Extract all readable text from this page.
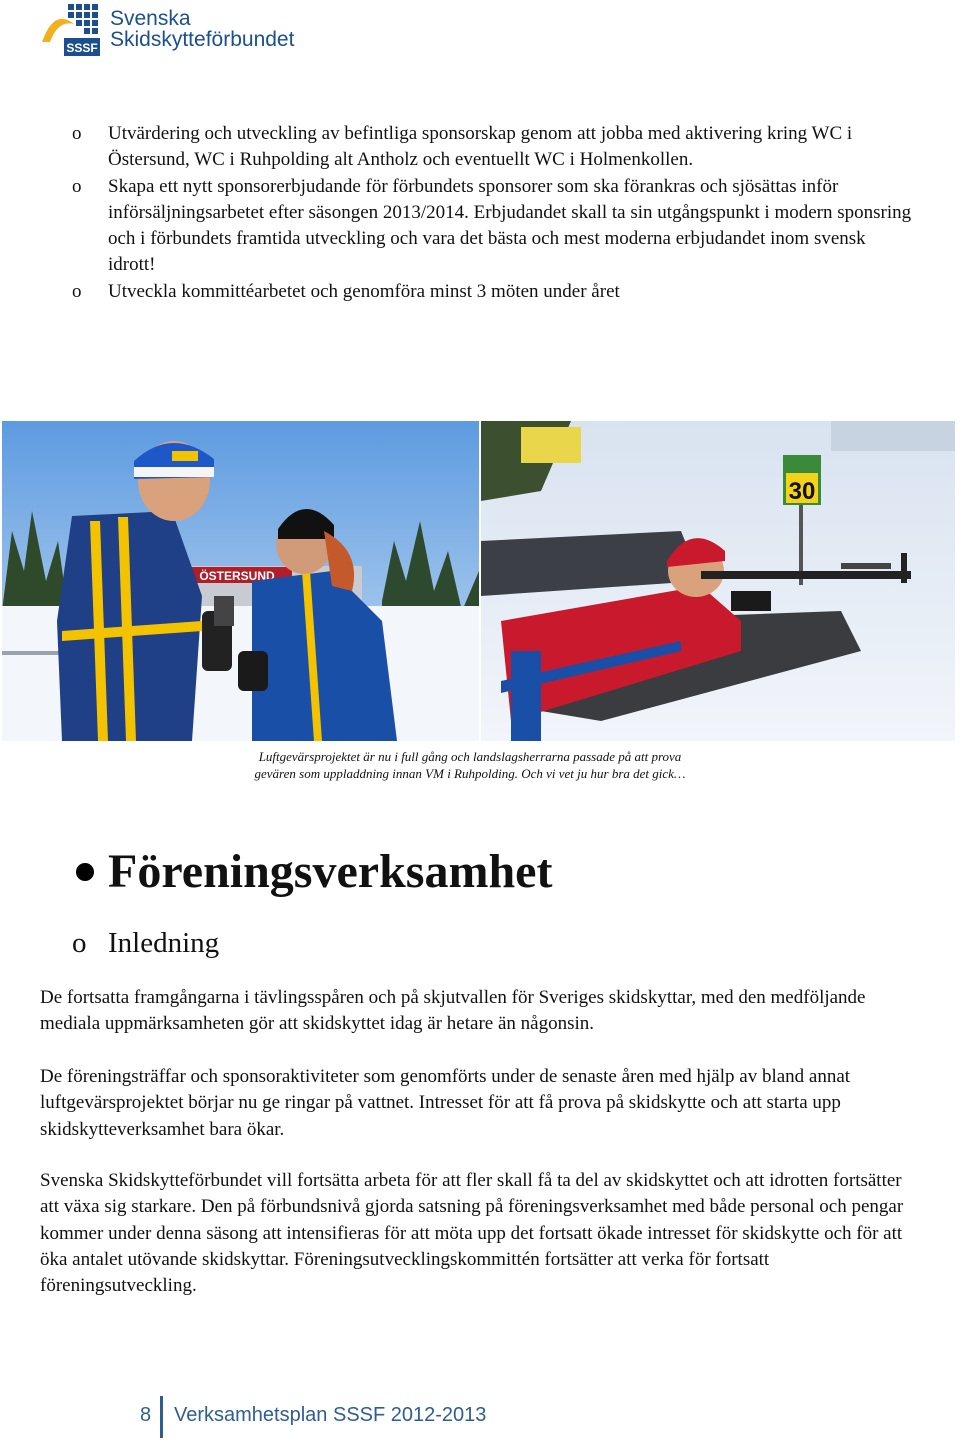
SSSF
Svenska
Skidskytteförbundet
o Utvärdering och utveckling av befintliga sponsorskap genom att jobba med aktivering kring WC i Östersund, WC i Ruhpolding alt Antholz och eventuellt WC i Holmenkollen.
o Skapa ett nytt sponsorerbjudande för förbundets sponsorer som ska förankras och sjösättas inför införsäljningsarbetet efter säsongen 2013/2014. Erbjudandet skall ta sin utgångspunkt i modern sponsring och i förbundets framtida utveckling och vara det bästa och mest moderna erbjudandet inom svensk idrott!
o Utveckla kommittéarbetet och genomföra minst 3 möten under året
ÖSTERSUND
30
Luftgevärsprojektet är nu i full gång och landslagsherrarna passade på att prova
gevären som uppladdning innan VM i Ruhpolding. Och vi vet ju hur bra det gick…
Föreningsverksamhet
o Inledning

De fortsatta framgångarna i tävlingsspåren och på skjutvallen för Sveriges skidskyttar, med den medföljande mediala uppmärksamheten gör att skidskyttet idag är hetare än någonsin.

De föreningsträffar och sponsoraktiviteter som genomförts under de senaste åren med hjälp av bland annat luftgevärsprojektet börjar nu ge ringar på vattnet. Intresset för att få prova på skidskytte och att starta upp skidskytteverksamhet bara ökar.

Svenska Skidskytteförbundet vill fortsätta arbeta för att fler skall få ta del av skidskyttet och att idrotten fortsätter att växa sig starkare. Den på förbundsnivå gjorda satsning på föreningsverksamhet med både personal och pengar kommer under denna säsong att intensifieras för att möta upp det fortsatt ökade intresset för skidskytte och för att öka antalet utövande skidskyttar. Föreningsutvecklingskommittén fortsätter att verka för fortsatt föreningsutveckling.

8 Verksamhetsplan SSSF 2012-2013
